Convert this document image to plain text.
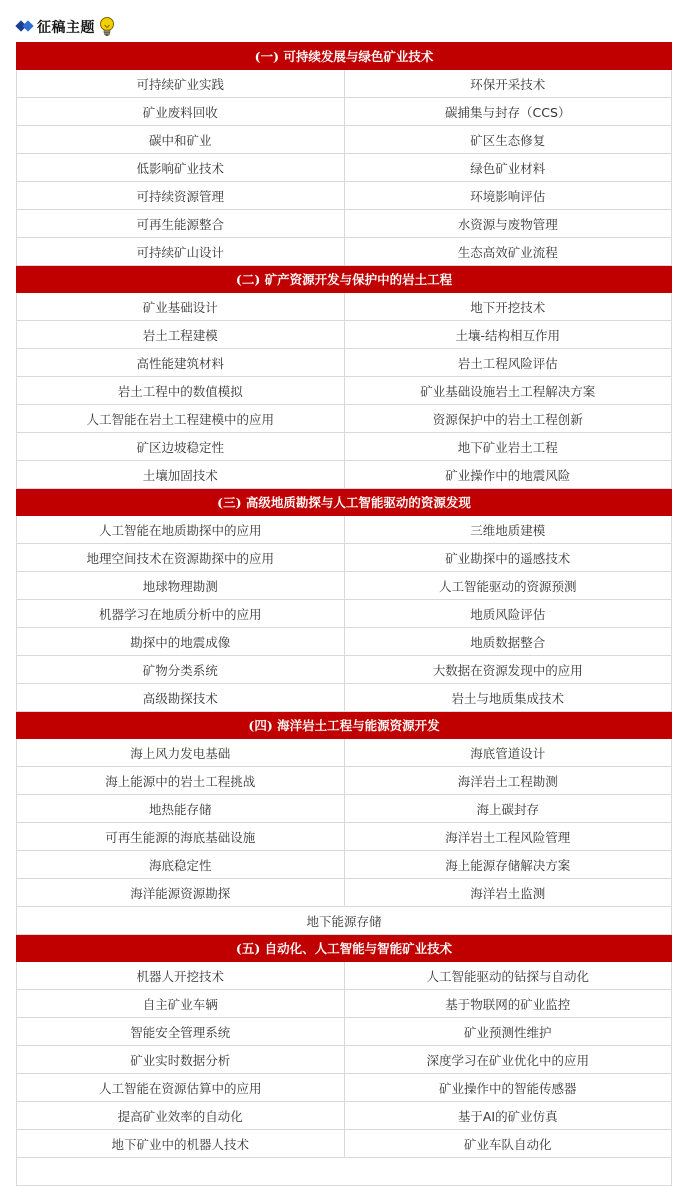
征稿主题
(一) 可持续发展与绿色矿业技术	
可持续矿业实践	环保开采技术
矿业废料回收	碳捕集与封存（CCS）
碳中和矿业	矿区生态修复
低影响矿业技术	绿色矿业材料
可持续资源管理	环境影响评估
可再生能源整合	水资源与废物管理
可持续矿山设计	生态高效矿业流程
(二) 矿产资源开发与保护中的岩土工程	
矿业基础设计	地下开挖技术
岩土工程建模	土壤-结构相互作用
高性能建筑材料	岩土工程风险评估
岩土工程中的数值模拟	矿业基础设施岩土工程解决方案
人工智能在岩土工程建模中的应用	资源保护中的岩土工程创新
矿区边坡稳定性	地下矿业岩土工程
土壤加固技术	矿业操作中的地震风险
(三) 高级地质勘探与人工智能驱动的资源发现	
人工智能在地质勘探中的应用	三维地质建模
地理空间技术在资源勘探中的应用	矿业勘探中的遥感技术
地球物理勘测	人工智能驱动的资源预测
机器学习在地质分析中的应用	地质风险评估
勘探中的地震成像	地质数据整合
矿物分类系统	大数据在资源发现中的应用
高级勘探技术	岩土与地质集成技术
(四) 海洋岩土工程与能源资源开发	
海上风力发电基础	海底管道设计
海上能源中的岩土工程挑战	海洋岩土工程勘测
地热能存储	海上碳封存
可再生能源的海底基础设施	海洋岩土工程风险管理
海底稳定性	海上能源存储解决方案
海洋能源资源勘探	海洋岩土监测
地下能源存储	
(五) 自动化、人工智能与智能矿业技术	
机器人开挖技术	人工智能驱动的钻探与自动化
自主矿业车辆	基于物联网的矿业监控
智能安全管理系统	矿业预测性维护
矿业实时数据分析	深度学习在矿业优化中的应用
人工智能在资源估算中的应用	矿业操作中的智能传感器
提高矿业效率的自动化	基于AI的矿业仿真
地下矿业中的机器人技术	矿业车队自动化
